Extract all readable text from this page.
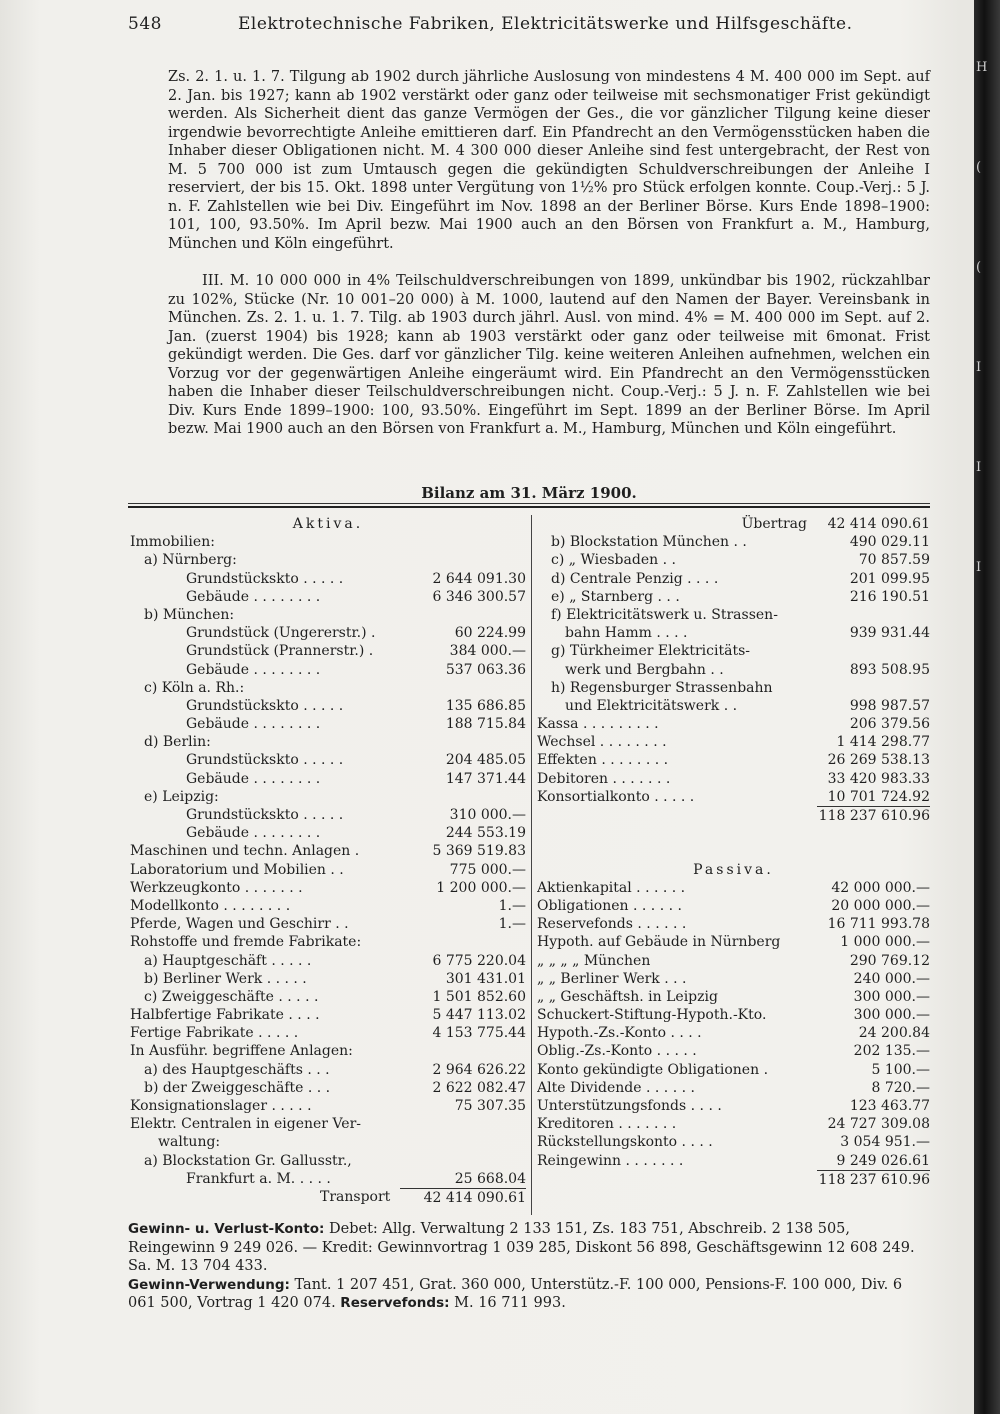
548	Elektrotechnische Fabriken, Elektricitätswerke und Hilfsgeschäfte.

Zs. 2. 1. u. 1. 7. Tilgung ab 1902 durch jährliche Auslosung von mindestens 4 M. 400 000 im Sept. auf 2. Jan. bis 1927; kann ab 1902 verstärkt oder ganz oder teilweise mit sechsmonatiger Frist gekündigt werden. Als Sicherheit dient das ganze Vermögen der Ges., die vor gänzlicher Tilgung keine dieser irgendwie bevorrechtigte Anleihe emittieren darf. Ein Pfandrecht an den Vermögensstücken haben die Inhaber dieser Obligationen nicht. M. 4 300 000 dieser Anleihe sind fest untergebracht, der Rest von M. 5 700 000 ist zum Umtausch gegen die gekündigten Schuldverschreibungen der Anleihe I reserviert, der bis 15. Okt. 1898 unter Vergütung von 1½% pro Stück erfolgen konnte. Coup.-Verj.: 5 J. n. F. Zahlstellen wie bei Div. Eingeführt im Nov. 1898 an der Berliner Börse. Kurs Ende 1898–1900: 101, 100, 93.50%. Im April bezw. Mai 1900 auch an den Börsen von Frankfurt a. M., Hamburg, München und Köln eingeführt.

III. M. 10 000 000 in 4% Teilschuldverschreibungen von 1899, unkündbar bis 1902, rückzahlbar zu 102%, Stücke (Nr. 10 001–20 000) à M. 1000, lautend auf den Namen der Bayer. Vereinsbank in München. Zs. 2. 1. u. 1. 7. Tilg. ab 1903 durch jährl. Ausl. von mind. 4% = M. 400 000 im Sept. auf 2. Jan. (zuerst 1904) bis 1928; kann ab 1903 verstärkt oder ganz oder teilweise mit 6monat. Frist gekündigt werden. Die Ges. darf vor gänzlicher Tilg. keine weiteren Anleihen aufnehmen, welchen ein Vorzug vor der gegenwärtigen Anleihe eingeräumt wird. Ein Pfandrecht an den Vermögensstücken haben die Inhaber dieser Teilschuldverschreibungen nicht. Coup.-Verj.: 5 J. n. F. Zahlstellen wie bei Div. Kurs Ende 1899–1900: 100, 93.50%. Eingeführt im Sept. 1899 an der Berliner Börse. Im April bezw. Mai 1900 auch an den Börsen von Frankfurt a. M., Hamburg, München und Köln eingeführt.

Bilanz am 31. März 1900.
Aktiva.
Immobilien:
a) Nürnberg:
Grundstückskto . . . . .	2 644 091.30
Gebäude . . . . . . . .	6 346 300.57
b) München:
Grundstück (Ungererstr.) .	60 224.99
Grundstück (Prannerstr.) .	384 000.—
Gebäude . . . . . . . .	537 063.36
c) Köln a. Rh.:
Grundstückskto . . . . .	135 686.85
Gebäude . . . . . . . .	188 715.84
d) Berlin:
Grundstückskto . . . . .	204 485.05
Gebäude . . . . . . . .	147 371.44
e) Leipzig:
Grundstückskto . . . . .	310 000.—
Gebäude . . . . . . . .	244 553.19
Maschinen und techn. Anlagen .	5 369 519.83
Laboratorium und Mobilien . .	775 000.—
Werkzeugkonto . . . . . . .	1 200 000.—
Modellkonto . . . . . . . .	1.—
Pferde, Wagen und Geschirr . .	1.—
Rohstoffe und fremde Fabrikate:
a) Hauptgeschäft . . . . .	6 775 220.04
b) Berliner Werk . . . . .	301 431.01
c) Zweiggeschäfte . . . . .	1 501 852.60
Halbfertige Fabrikate . . . .	5 447 113.02
Fertige Fabrikate . . . . .	4 153 775.44
In Ausführ. begriffene Anlagen:
a) des Hauptgeschäfts . . .	2 964 626.22
b) der Zweiggeschäfte . . .	2 622 082.47
Konsignationslager . . . . .	75 307.35
Elektr. Centralen in eigener Ver-
waltung:
a) Blockstation Gr. Gallusstr.,
Frankfurt a. M. . . . .	25 668.04
Transport	42 414 090.61
Übertrag	42 414 090.61
b) Blockstation München . .	490 029.11
c) „ Wiesbaden . .	70 857.59
d) Centrale Penzig . . . .	201 099.95
e) „ Starnberg . . .	216 190.51
f) Elektricitätswerk u. Strassen-
bahn Hamm . . . .	939 931.44
g) Türkheimer Elektricitäts-
werk und Bergbahn . .	893 508.95
h) Regensburger Strassenbahn
und Elektricitätswerk . .	998 987.57
Kassa . . . . . . . . .	206 379.56
Wechsel . . . . . . . .	1 414 298.77
Effekten . . . . . . . .	26 269 538.13
Debitoren . . . . . . .	33 420 983.33
Konsortialkonto . . . . .	10 701 724.92
118 237 610.96
Passiva.
Aktienkapital . . . . . .	42 000 000.—
Obligationen . . . . . .	20 000 000.—
Reservefonds . . . . . .	16 711 993.78
Hypoth. auf Gebäude in Nürnberg	1 000 000.—
„ „ „ „ München	290 769.12
„ „ Berliner Werk . . .	240 000.—
„ „ Geschäftsh. in Leipzig	300 000.—
Schuckert-Stiftung-Hypoth.-Kto.	300 000.—
Hypoth.-Zs.-Konto . . . .	24 200.84
Oblig.-Zs.-Konto . . . . .	202 135.—
Konto gekündigte Obligationen .	5 100.—
Alte Dividende . . . . . .	8 720.—
Unterstützungsfonds . . . .	123 463.77
Kreditoren . . . . . . .	24 727 309.08
Rückstellungskonto . . . .	3 054 951.—
Reingewinn . . . . . . .	9 249 026.61
118 237 610.96

Gewinn- u. Verlust-Konto: Debet: Allg. Verwaltung 2 133 151, Zs. 183 751, Abschreib. 2 138 505, Reingewinn 9 249 026. — Kredit: Gewinnvortrag 1 039 285, Diskont 56 898, Geschäftsgewinn 12 608 249. Sa. M. 13 704 433.

Gewinn-Verwendung: Tant. 1 207 451, Grat. 360 000, Unterstütz.-F. 100 000, Pensions-F. 100 000, Div. 6 061 500, Vortrag 1 420 074. Reservefonds: M. 16 711 993.

H
(
(
I
I
I
